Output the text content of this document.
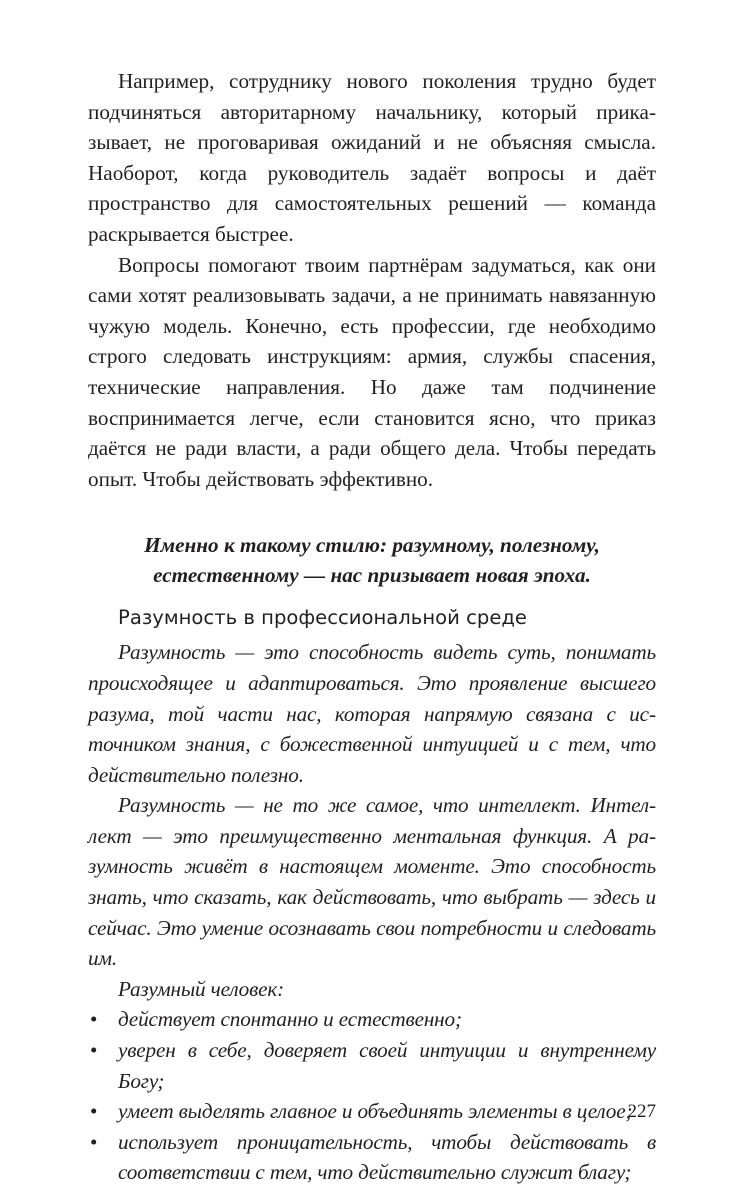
Например, сотруднику нового поколения трудно будет подчиняться авторитарному начальнику, который приказывает, не проговаривая ожиданий и не объясняя смысла. Наоборот, когда руководитель задаёт вопросы и даёт пространство для самостоятельных решений — команда раскрывается быстрее.

Вопросы помогают твоим партнёрам задуматься, как они сами хотят реализовывать задачи, а не принимать навязанную чужую модель. Конечно, есть профессии, где необходимо строго следовать инструкциям: армия, службы спасения, технические направления. Но даже там подчинение воспринимается легче, если становится ясно, что приказ даётся не ради власти, а ради общего дела. Чтобы передать опыт. Чтобы действовать эффективно.

Именно к такому стилю: разумному, полезному,
естественному — нас призывает новая эпоха.
Разумность в профессиональной среде

Разумность — это способность видеть суть, понимать происходящее и адаптироваться. Это проявление высшего разума, той части нас, которая напрямую связана с источником знания, с божественной интуицией и с тем, что действительно полезно.

Разумность — не то же самое, что интеллект. Интеллект — это преимущественно ментальная функция. А разумность живёт в настоящем моменте. Это способность знать, что сказать, как действовать, что выбрать — здесь и сейчас. Это умение осознавать свои потребности и следовать им.

Разумный человек:

• действует спонтанно и естественно;
• уверен в себе, доверяет своей интуиции и внутреннему Богу;
• умеет выделять главное и объединять элементы в целое;
• использует проницательность, чтобы действовать в соответствии с тем, что действительно служит благу;
227
